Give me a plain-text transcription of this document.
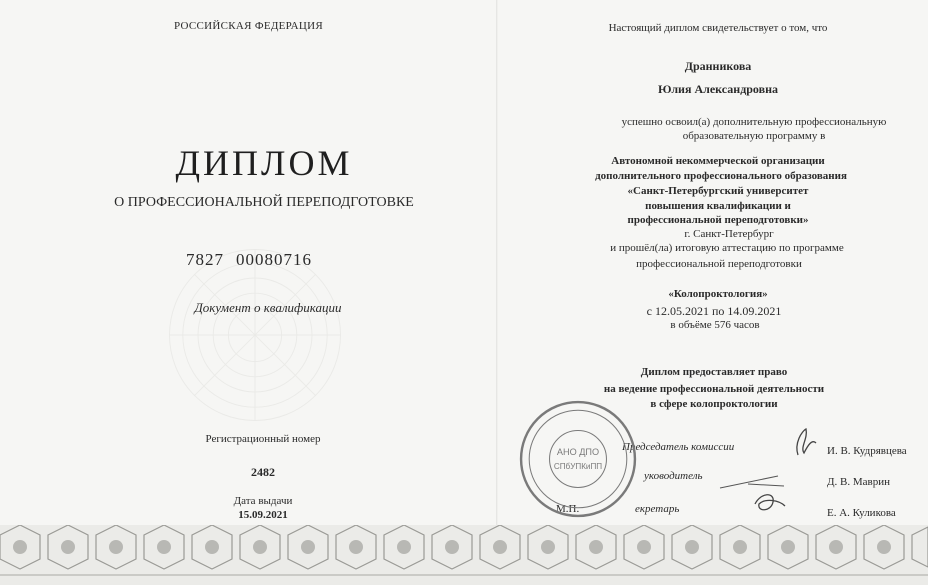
РОССИЙСКАЯ ФЕДЕРАЦИЯ
ДИПЛОМ
О ПРОФЕССИОНАЛЬНОЙ ПЕРЕПОДГОТОВКЕ
7827 00080716
Документ о квалификации
Регистрационный номер
2482
Дата выдачи
15.09.2021
Настоящий диплом свидетельствует о том, что
Дранникова
Юлия Александровна
успешно освоил(а) дополнительную профессиональную
образовательную программу в
Автономной некоммерческой организации
дополнительного профессионального образования
«Санкт-Петербургский университет
повышения квалификации и
профессиональной переподготовки»
г. Санкт-Петербург
и прошёл(ла) итоговую аттестацию по программе
профессиональной переподготовки
«Колопроктология»
с 12.05.2021 по 14.09.2021
в объёме 576 часов
Диплом предоставляет право
на ведение профессиональной деятельности
в сфере колопроктологии
Председатель комиссии	И. В. Кудрявцева
уководитель	Д. В. Маврин
М.П.	екретарь	Е. А. Куликова
АНО ДПО
СПбУПКиПП
